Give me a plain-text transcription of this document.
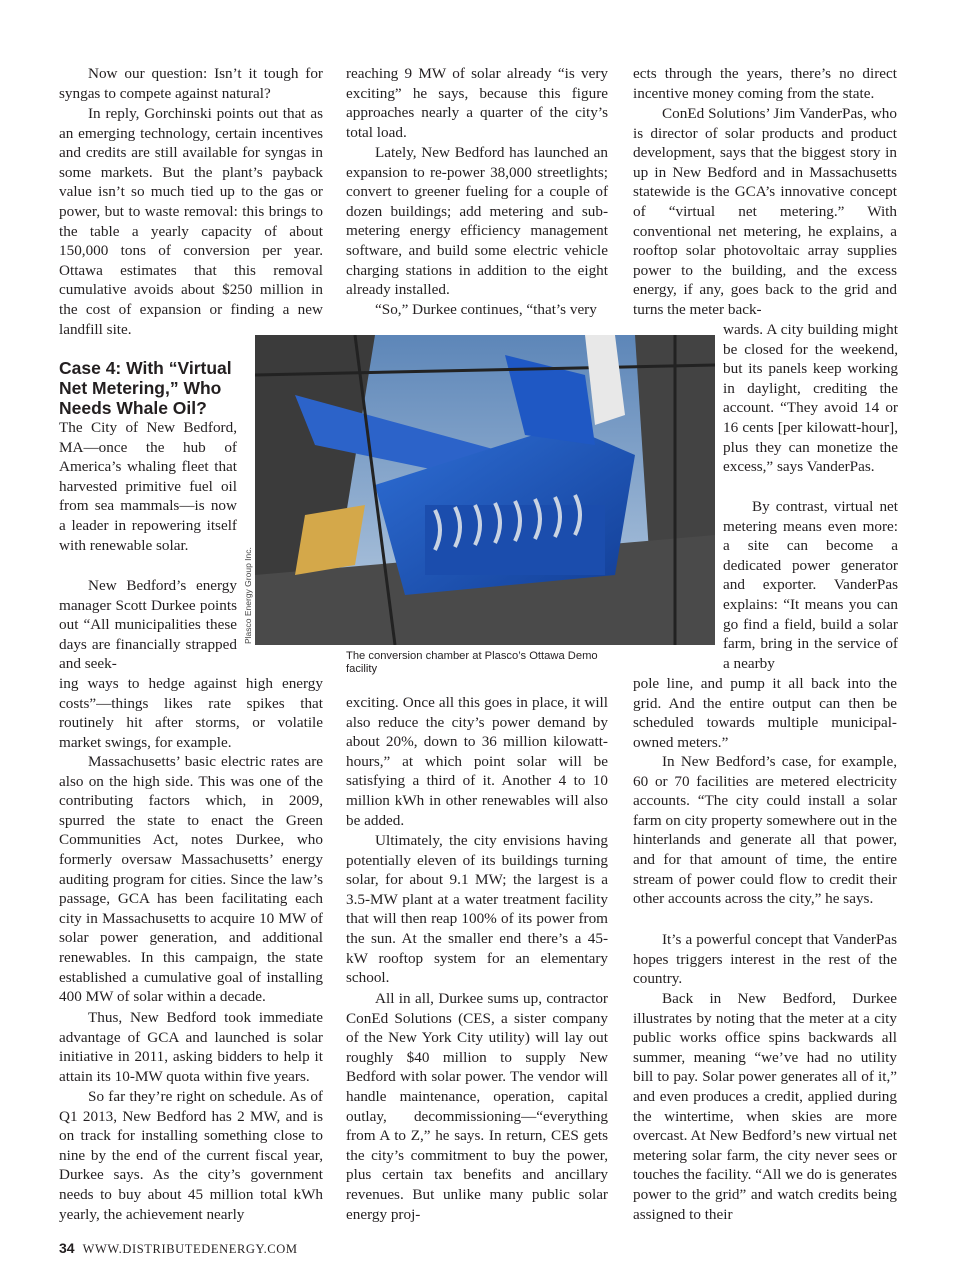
Now our question: Isn’t it tough for syngas to compete against natural?

In reply, Gorchinski points out that as an emerging technology, certain incentives and credits are still available for syngas in some markets. But the plant’s payback value isn’t so much tied up to the gas or power, but to waste removal: this brings to the table a yearly capacity of about 150,000 tons of conversion per year. Ottawa estimates that this removal cumulative avoids about $250 million in the cost of expansion or finding a new landfill site.

Case 4: With “Virtual Net Metering,” Who Needs Whale Oil?

The City of New Bedford, MA—once the hub of America’s whaling fleet that harvested primitive fuel oil from sea mammals—is now a leader in repowering itself with renewable solar.

New Bedford’s energy manager Scott Durkee points out “All municipalities these days are financially strapped and seek-

ing ways to hedge against high energy costs”—things likes rate spikes that routinely hit after storms, or volatile market swings, for example.

Massachusetts’ basic electric rates are also on the high side. This was one of the contributing factors which, in 2009, spurred the state to enact the Green Communities Act, notes Durkee, who formerly oversaw Massachusetts’ energy auditing program for cities. Since the law’s passage, GCA has been facilitating each city in Massachusetts to acquire 10 MW of solar power generation, and additional renewables. In this campaign, the state established a cumulative goal of installing 400 MW of solar within a decade.

Thus, New Bedford took immediate advantage of GCA and launched is solar initiative in 2011, asking bidders to help it attain its 10-MW quota within five years.

So far they’re right on schedule. As of Q1 2013, New Bedford has 2 MW, and is on track for installing something close to nine by the end of the current fiscal year, Durkee says. As the city’s government needs to buy about 45 million total kWh yearly, the achievement nearly

reaching 9 MW of solar already “is very exciting” he says, because this figure approaches nearly a quarter of the city’s total load.

Lately, New Bedford has launched an expansion to re-power 38,000 streetlights; convert to greener fueling for a couple of dozen buildings; add metering and sub-metering energy efficiency management software, and build some electric vehicle charging stations in addition to the eight already installed.

“So,” Durkee continues, “that’s very

exciting. Once all this goes in place, it will also reduce the city’s power demand by about 20%, down to 36 million kilowatt-hours,” at which point solar will be satisfying a third of it. Another 4 to 10 million kWh in other renewables will also be added.

Ultimately, the city envisions having potentially eleven of its buildings turning solar, for about 9.1 MW; the largest is a 3.5-MW plant at a water treatment facility that will then reap 100% of its power from the sun. At the smaller end there’s a 45-kW rooftop system for an elementary school.

All in all, Durkee sums up, contractor ConEd Solutions (CES, a sister company of the New York City utility) will lay out roughly $40 million to supply New Bedford with solar power. The vendor will handle maintenance, operation, capital outlay, decommissioning—“everything from A to Z,” he says. In return, CES gets the city’s commitment to buy the power, plus certain tax benefits and ancillary revenues. But unlike many public solar energy proj-

ects through the years, there’s no direct incentive money coming from the state.

ConEd Solutions’ Jim VanderPas, who is director of solar products and product development, says that the biggest story in up in New Bedford and in Massachusetts statewide is the GCA’s innovative concept of “virtual net metering.” With conventional net metering, he explains, a rooftop solar photovoltaic array supplies power to the building, and the excess energy, if any, goes back to the grid and turns the meter back-

wards. A city building might be closed for the weekend, but its panels keep working in daylight, crediting the account. “They avoid 14 or 16 cents [per kilowatt-hour], plus they can monetize the excess,” says VanderPas.

By contrast, virtual net metering means even more: a site can become a dedicated power generator and exporter. VanderPas explains: “It means you can go find a field, build a solar farm, bring in the service of a nearby

pole line, and pump it all back into the grid. And the entire output can then be scheduled towards multiple municipal-owned meters.”

In New Bedford’s case, for example, 60 or 70 facilities are metered electricity accounts. “The city could install a solar farm on city property somewhere out in the hinterlands and generate all that power, and for that amount of time, the entire stream of power could flow to credit their other accounts across the city,” he says.

It’s a powerful concept that VanderPas hopes triggers interest in the rest of the country.

Back in New Bedford, Durkee illustrates by noting that the meter at a city public works office spins backwards all summer, meaning “we’ve had no utility bill to pay. Solar power generates all of it,” and even produces a credit, applied during the wintertime, when skies are more overcast. At New Bedford’s new virtual net metering solar farm, the city never sees or touches the facility. “All we do is generates power to the grid” and watch credits being assigned to their

Plasco Energy Group Inc.
The conversion chamber at Plasco’s Ottawa Demo facility
34 WWW.DISTRIBUTEDENERGY.COM
